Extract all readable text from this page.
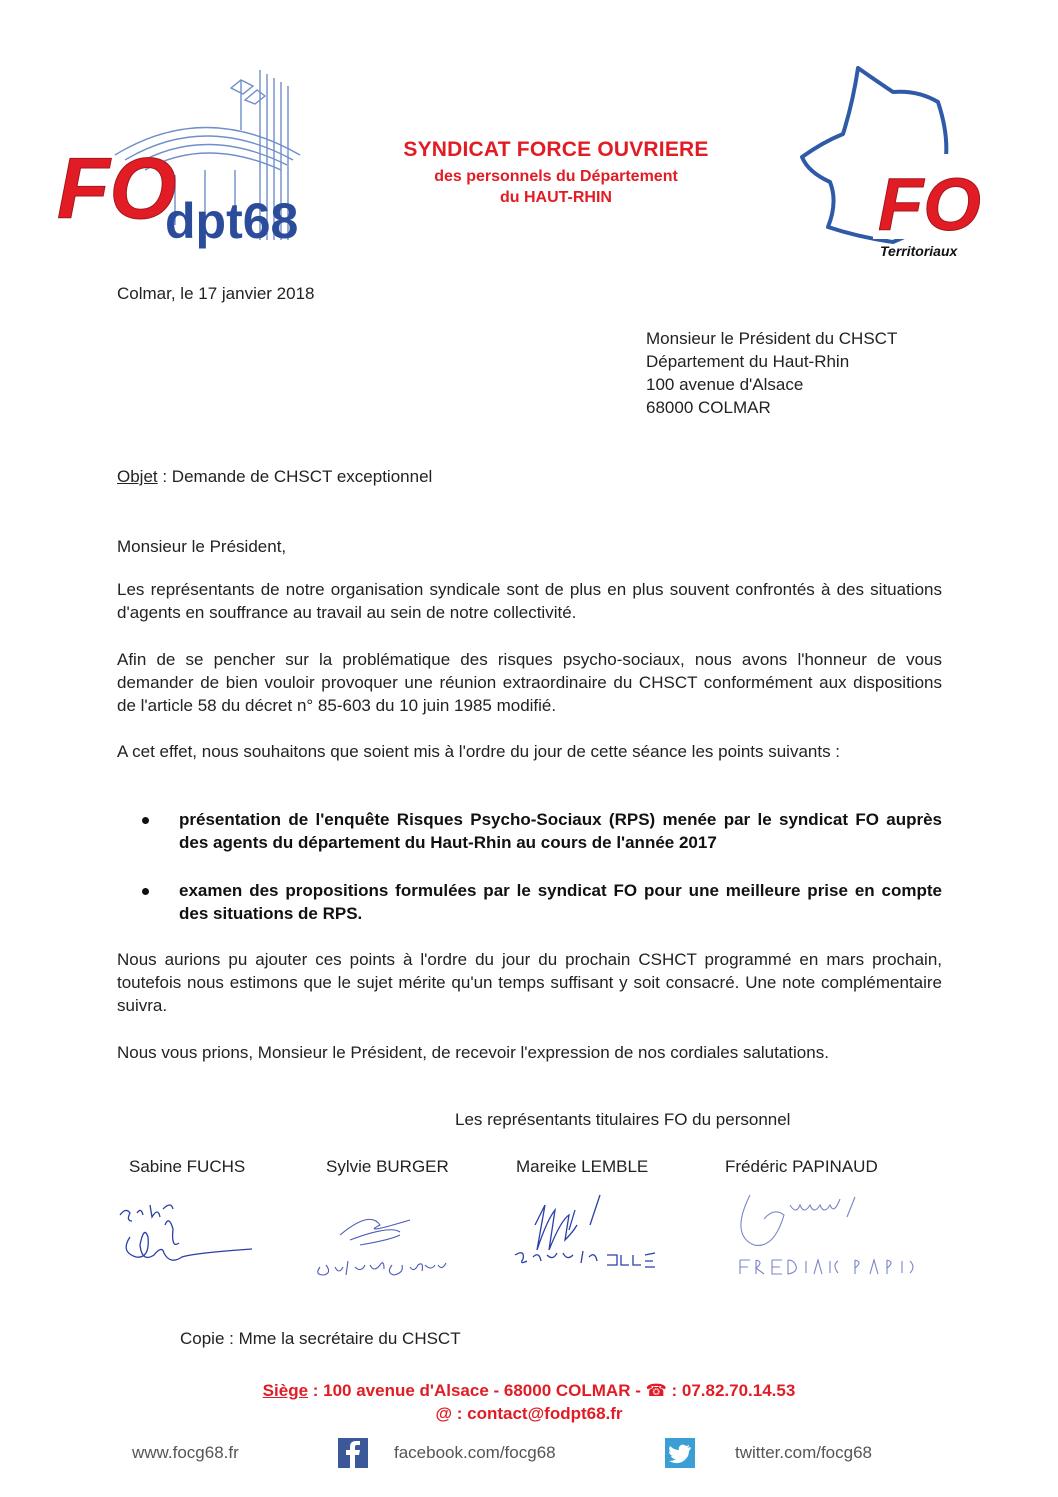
FO
dpt68
SYNDICAT FORCE OUVRIERE
des personnels du Département
du HAUT-RHIN	FO
Territoriaux
Colmar, le 17 janvier 2018
Monsieur le Président du CHSCT
Département du Haut-Rhin
100 avenue d'Alsace
68000 COLMAR
Objet : Demande de CHSCT exceptionnel
Monsieur le Président,
Les représentants de notre organisation syndicale sont de plus en plus souvent confrontés à des situations d'agents en souffrance au travail au sein de notre collectivité.
Afin de se pencher sur la problématique des risques psycho-sociaux, nous avons l'honneur de vous demander de bien vouloir provoquer une réunion extraordinaire du CHSCT conformément aux dispositions de l'article 58 du décret n° 85-603 du 10 juin 1985 modifié.
A cet effet, nous souhaitons que soient mis à l'ordre du jour de cette séance les points suivants :
présentation de l'enquête Risques Psycho-Sociaux (RPS) menée par le syndicat FO auprès des agents du département du Haut-Rhin au cours de l'année 2017
examen des propositions formulées par le syndicat FO pour une meilleure prise en compte des situations de RPS.
Nous aurions pu ajouter ces points à l'ordre du jour du prochain CSHCT programmé en mars prochain, toutefois nous estimons que le sujet mérite qu'un temps suffisant y soit consacré. Une note complémentaire suivra.
Nous vous prions, Monsieur le Président, de recevoir l'expression de nos cordiales salutations.
Les représentants titulaires FO du personnel
Sabine FUCHS	Sylvie BURGER	Mareike LEMBLE	Frédéric PAPINAUD
Copie : Mme la secrétaire du CHSCT
Siège : 100 avenue d'Alsace - 68000 COLMAR - ☎ : 07.82.70.14.53
@ : contact@fodpt68.fr
www.focg68.fr	facebook.com/focg68	twitter.com/focg68
